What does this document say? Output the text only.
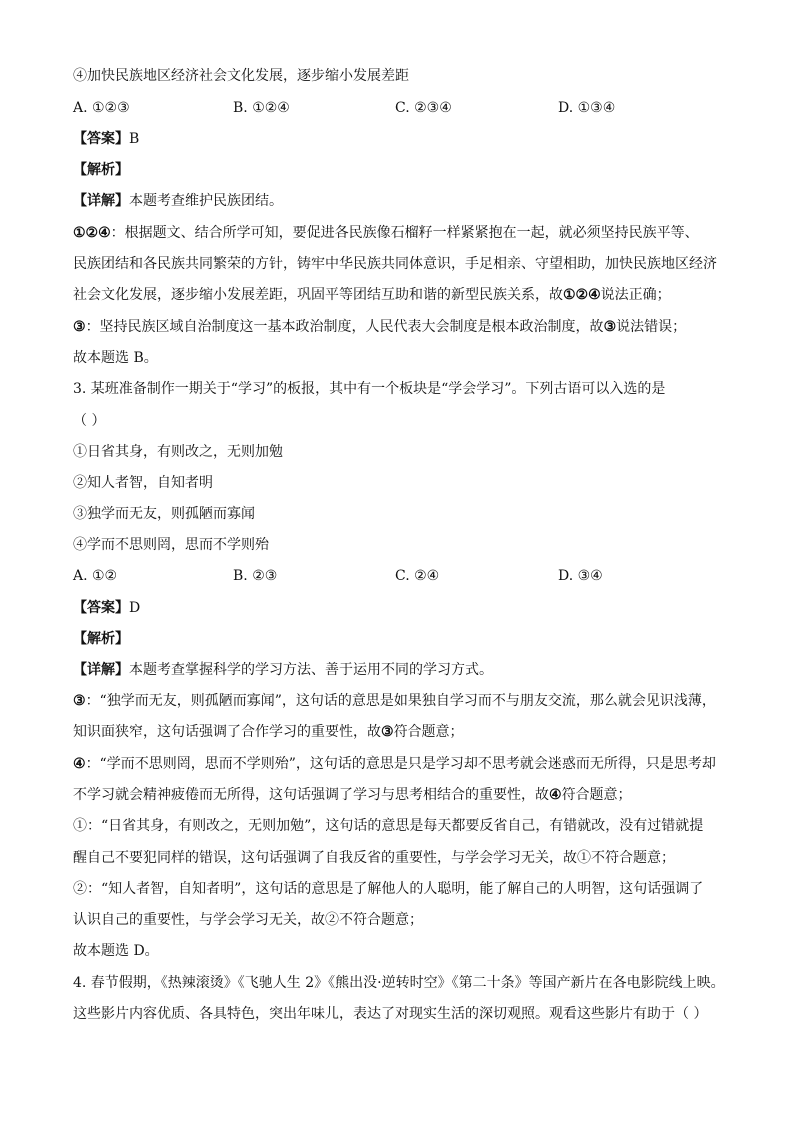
④加快民族地区经济社会文化发展，逐步缩小发展差距
A. ①②③	B. ①②④	C. ②③④	D. ①③④
【答案】B
【解析】
【详解】本题考查维护民族团结。
①②④：根据题文、结合所学可知，要促进各民族像石榴籽一样紧紧抱在一起，就必须坚持民族平等、
民族团结和各民族共同繁荣的方针，铸牢中华民族共同体意识，手足相亲、守望相助，加快民族地区经济
社会文化发展，逐步缩小发展差距，巩固平等团结互助和谐的新型民族关系，故①②④说法正确；
③：坚持民族区域自治制度这一基本政治制度，人民代表大会制度是根本政治制度，故③说法错误；
故本题选 B。
3. 某班准备制作一期关于“学习”的板报，其中有一个板块是“学会学习”。下列古语可以入选的是
（ ）
①日省其身，有则改之，无则加勉
②知人者智，自知者明
③独学而无友，则孤陋而寡闻
④学而不思则罔，思而不学则殆
A. ①②	B. ②③	C. ②④	D. ③④
【答案】D
【解析】
【详解】本题考查掌握科学的学习方法、善于运用不同的学习方式。
③：“独学而无友，则孤陋而寡闻”，这句话的意思是如果独自学习而不与朋友交流，那么就会见识浅薄，
知识面狭窄，这句话强调了合作学习的重要性，故③符合题意；
④：“学而不思则罔，思而不学则殆”，这句话的意思是只是学习却不思考就会迷惑而无所得，只是思考却
不学习就会精神疲倦而无所得，这句话强调了学习与思考相结合的重要性，故④符合题意；
①：“日省其身，有则改之，无则加勉”，这句话的意思是每天都要反省自己，有错就改，没有过错就提
醒自己不要犯同样的错误，这句话强调了自我反省的重要性，与学会学习无关，故①不符合题意；
②：“知人者智，自知者明”，这句话的意思是了解他人的人聪明，能了解自己的人明智，这句话强调了
认识自己的重要性，与学会学习无关，故②不符合题意；
故本题选 D。
4. 春节假期，《热辣滚烫》《飞驰人生 2》《熊出没·逆转时空》《第二十条》等国产新片在各电影院线上映。
这些影片内容优质、各具特色，突出年味儿，表达了对现实生活的深切观照。观看这些影片有助于（ ）
